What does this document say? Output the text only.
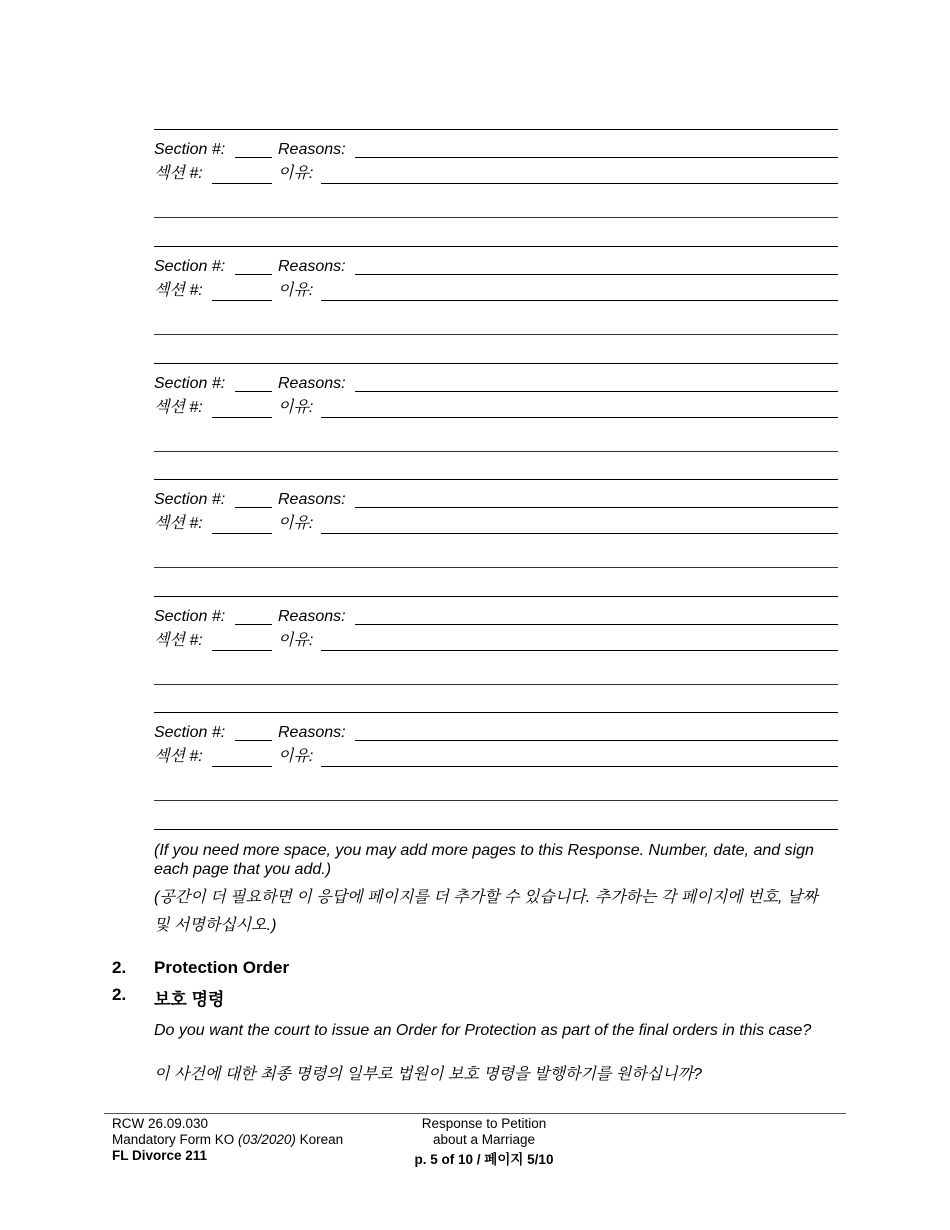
Section #:	Reasons:
섹션 #:	이유:
Section #:	Reasons:
섹션 #:	이유:
Section #:	Reasons:
섹션 #:	이유:
Section #:	Reasons:
섹션 #:	이유:
Section #:	Reasons:
섹션 #:	이유:
Section #:	Reasons:
섹션 #:	이유:
(If you need more space, you may add more pages to this Response. Number, date, and sign each page that you add.)
(공간이 더 필요하면 이 응답에 페이지를 더 추가할 수 있습니다. 추가하는 각 페이지에 번호, 날짜 및 서명하십시오.)
2. Protection Order
2. 보호 명령
Do you want the court to issue an Order for Protection as part of the final orders in this case?
이 사건에 대한 최종 명령의 일부로 법원이 보호 명령을 발행하기를 원하십니까?
RCW 26.09.030
Mandatory Form KO (03/2020) Korean
FL Divorce 211
Response to Petition
about a Marriage
p. 5 of 10 / 페이지 5/10
